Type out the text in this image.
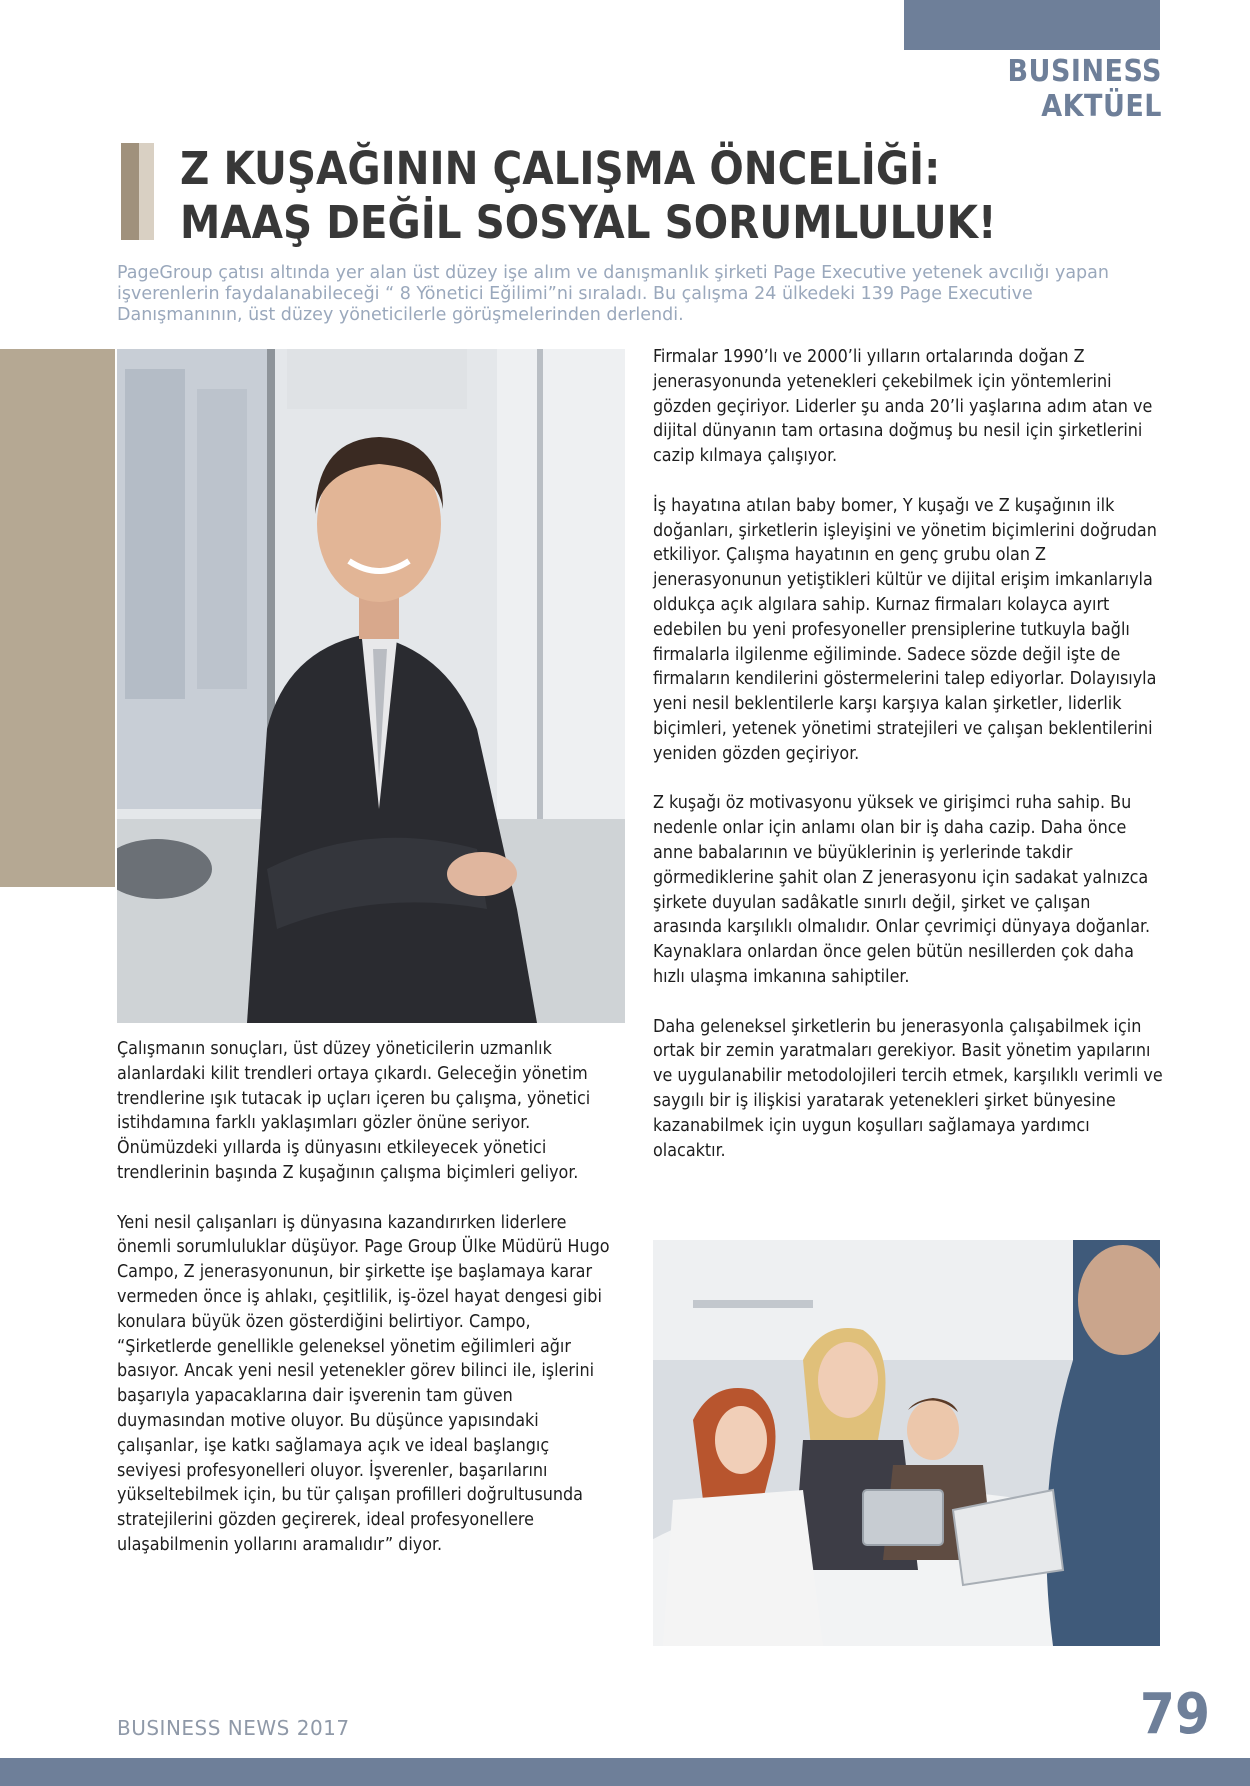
BUSINESS AKTÜEL
Z KUŞAĞININ ÇALIŞMA ÖNCELİĞİ:
MAAŞ DEĞİL SOSYAL SORUMLULUK!

PageGroup çatısı altında yer alan üst düzey işe alım ve danışmanlık şirketi Page Executive yetenek avcılığı yapan işverenlerin faydalanabileceği “ 8 Yönetici Eğilimi”ni sıraladı. Bu çalışma 24 ülkedeki 139 Page Executive Danışmanının, üst düzey yöneticilerle görüşmelerinden derlendi.

Çalışmanın sonuçları, üst düzey yöneticilerin uzmanlık alanlardaki kilit trendleri ortaya çıkardı. Geleceğin yönetim trendlerine ışık tutacak ip uçları içeren bu çalışma, yönetici istihdamına farklı yaklaşımları gözler önüne seriyor. Önümüzdeki yıllarda iş dünyasını etkileyecek yönetici trendlerinin başında Z kuşağının çalışma biçimleri geliyor.

Yeni nesil çalışanları iş dünyasına kazandırırken liderlere önemli sorumluluklar düşüyor. Page Group Ülke Müdürü Hugo Campo, Z jenerasyonunun, bir şirkette işe başlamaya karar vermeden önce iş ahlakı, çeşitlilik, iş-özel hayat dengesi gibi konulara büyük özen gösterdiğini belirtiyor. Campo, “Şirketlerde genellikle geleneksel yönetim eğilimleri ağır basıyor. Ancak yeni nesil yetenekler görev bilinci ile, işlerini başarıyla yapacaklarına dair işverenin tam güven duymasından motive oluyor. Bu düşünce yapısındaki çalışanlar, işe katkı sağlamaya açık ve ideal başlangıç seviyesi profesyonelleri oluyor. İşverenler, başarılarını yükseltebilmek için, bu tür çalışan profilleri doğrultusunda stratejilerini gözden geçirerek, ideal profesyonellere ulaşabilmenin yollarını aramalıdır” diyor.

Firmalar 1990’lı ve 2000’li yılların ortalarında doğan Z jenerasyonunda yetenekleri çekebilmek için yöntemlerini gözden geçiriyor. Liderler şu anda 20’li yaşlarına adım atan ve dijital dünyanın tam ortasına doğmuş bu nesil için şirketlerini cazip kılmaya çalışıyor.

İş hayatına atılan baby bomer, Y kuşağı ve Z kuşağının ilk doğanları, şirketlerin işleyişini ve yönetim biçimlerini doğrudan etkiliyor. Çalışma hayatının en genç grubu olan Z jenerasyonunun yetiştikleri kültür ve dijital erişim imkanlarıyla oldukça açık algılara sahip. Kurnaz firmaları kolayca ayırt edebilen bu yeni profesyoneller prensiplerine tutkuyla bağlı firmalarla ilgilenme eğiliminde. Sadece sözde değil işte de firmaların kendilerini göstermelerini talep ediyorlar. Dolayısıyla yeni nesil beklentilerle karşı karşıya kalan şirketler, liderlik biçimleri, yetenek yönetimi stratejileri ve çalışan beklentilerini yeniden gözden geçiriyor.

Z kuşağı öz motivasyonu yüksek ve girişimci ruha sahip. Bu nedenle onlar için anlamı olan bir iş daha cazip. Daha önce anne babalarının ve büyüklerinin iş yerlerinde takdir görmediklerine şahit olan Z jenerasyonu için sadakat yalnızca şirkete duyulan sadâkatle sınırlı değil, şirket ve çalışan arasında karşılıklı olmalıdır. Onlar çevrimiçi dünyaya doğanlar. Kaynaklara onlardan önce gelen bütün nesillerden çok daha hızlı ulaşma imkanına sahiptiler.

Daha geleneksel şirketlerin bu jenerasyonla çalışabilmek için ortak bir zemin yaratmaları gerekiyor. Basit yönetim yapılarını ve uygulanabilir metodolojileri tercih etmek, karşılıklı verimli ve saygılı bir iş ilişkisi yaratarak yetenekleri şirket bünyesine kazanabilmek için uygun koşulları sağlamaya yardımcı olacaktır.

BUSINESS NEWS 2017	79
